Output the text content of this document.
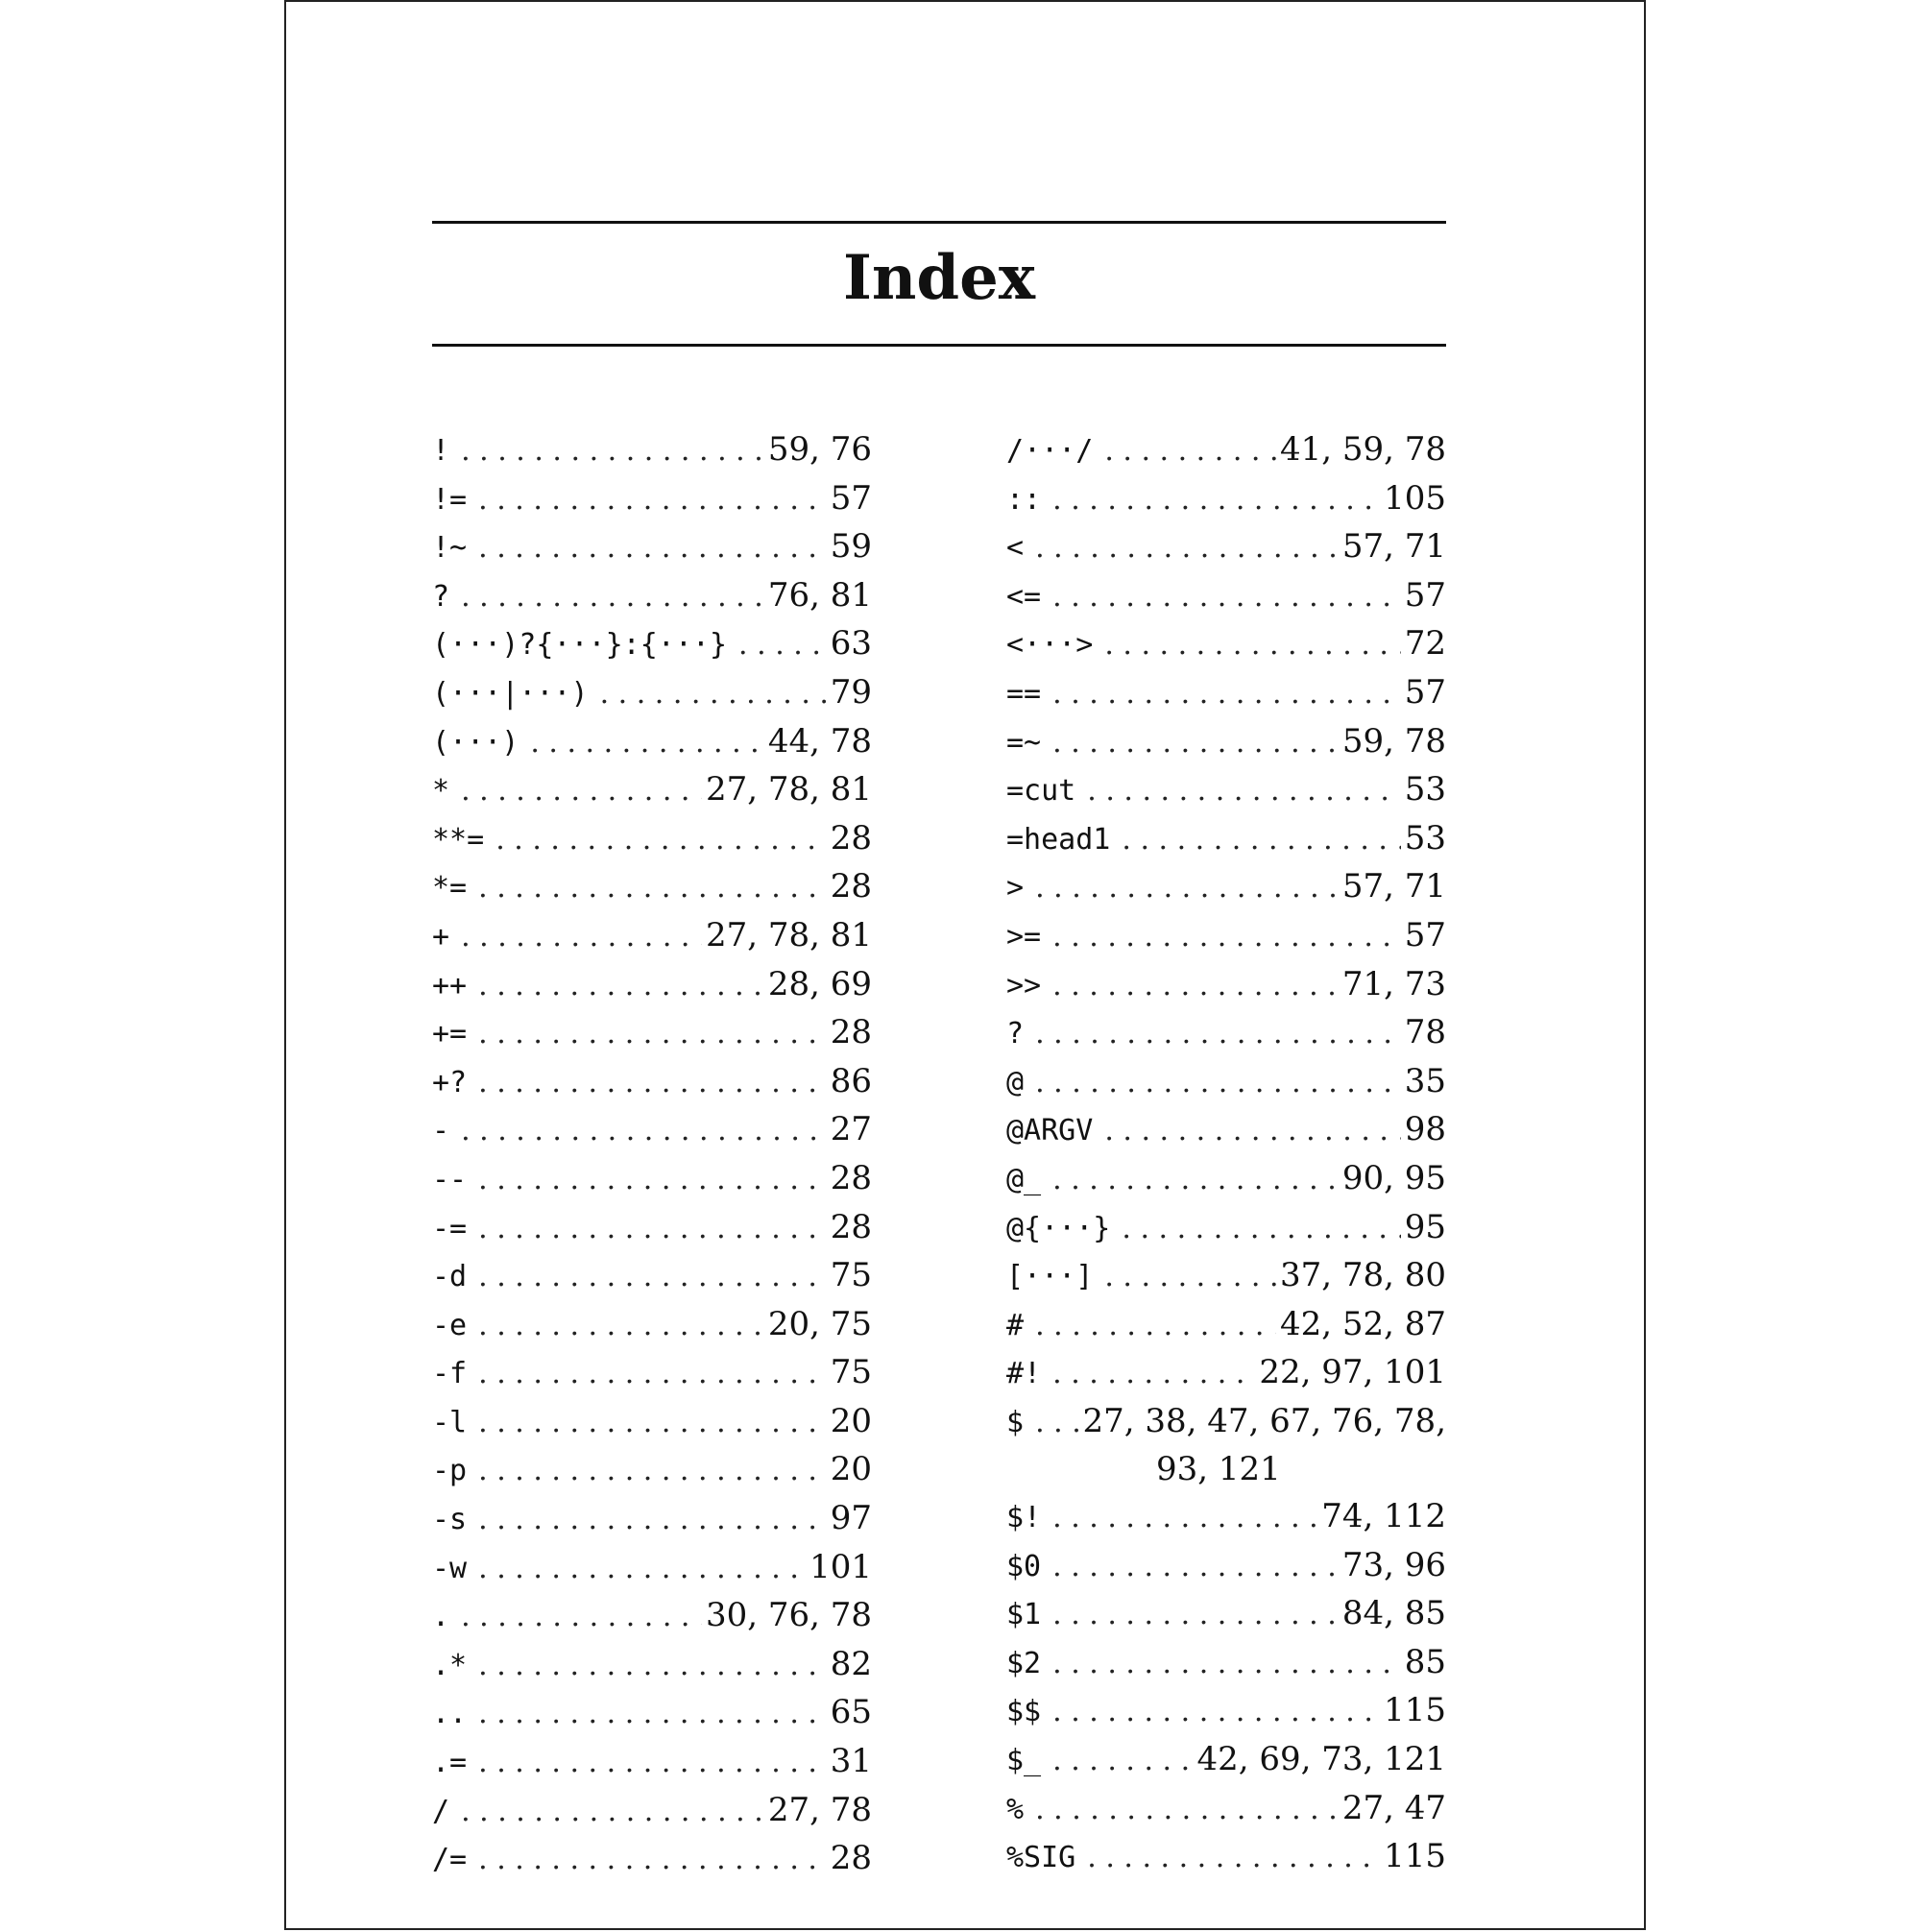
Index
! . . .	59, 76
!= . . .	57
!~ . . .	59
? . . .	76, 81
(···)?{···}:{···} . . .	63
(···|···) . . .	79
(···) . . .	44, 78
* . . .	27, 78, 81
**= . . .	28
*= . . .	28
+ . . .	27, 78, 81
++ . . .	28, 69
+= . . .	28
+? . . .	86
- . . .	27
-- . . .	28
-= . . .	28
-d . . .	75
-e . . .	20, 75
-f . . .	75
-l . . .	20
-p . . .	20
-s . . .	97
-w . . .	101
. . . .	30, 76, 78
.* . . .	82
.. . . .	65
.= . . .	31
/ . . .	27, 78
/= . . .	28
/···/ . . .	41, 59, 78
:: . . .	105
< . . .	57, 71
<= . . .	57
<···> . . .	72
== . . .	57
=~ . . .	59, 78
=cut . . .	53
=head1 . . .	53
> . . .	57, 71
>= . . .	57
>> . . .	71, 73
? . . .	78
@ . . .	35
@ARGV . . .	98
@_ . . .	90, 95
@{···} . . .	95
[···] . . .	37, 78, 80
# . . .	42, 52, 87
#! . . .	22, 97, 101
$ . . .	27, 38, 47, 67, 76, 78,
93, 121
$! . . .	74, 112
$0 . . .	73, 96
$1 . . .	84, 85
$2 . . .	85
$$ . . .	115
$_ . . .	42, 69, 73, 121
% . . .	27, 47
%SIG . . .	115
